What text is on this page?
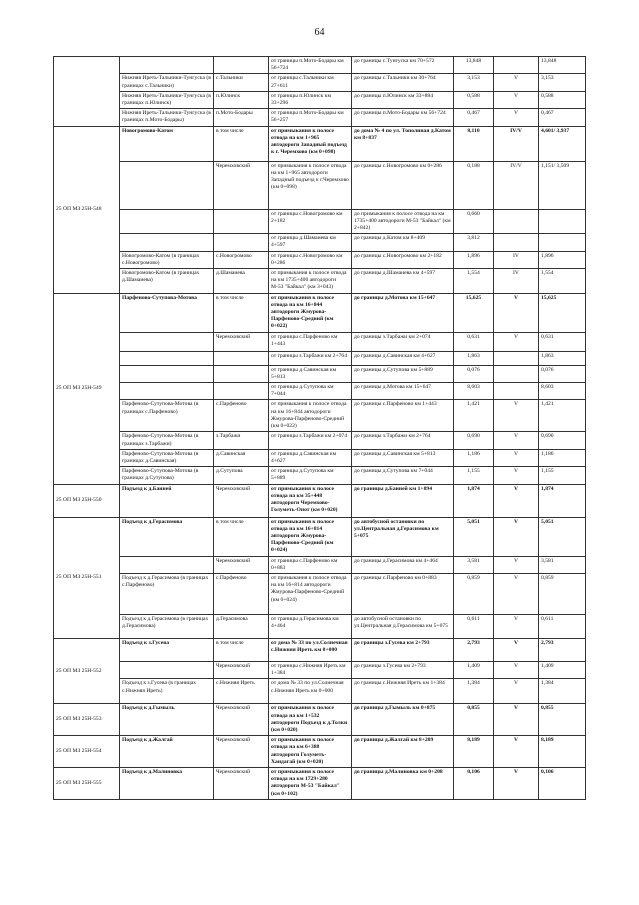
64
			от границы п.Мото-Бодары км 56+724	до границы с.Тунгуска км 70+572	13,848		13,848
	Нижняя Иреть-Тальники-Тунгуска (в границах с.Тальники)	с.Тальники	от границы с.Тальники км 27+611	до границы с.Тальники км 30+764	3,153	V	3,153
	Нижняя Иреть-Тальники-Тунгуска (в границах п.Юлинск)	п.Юлинск	от границы п.Юлинск км 33+296	до границы п.Юлинск км 33+884	0,588	V	0,588
	Нижняя Иреть-Тальники-Тунгуска (в границах п.Мото-Бодары)	п.Мото-Бодары	от границы п.Мото-Бодары км 56+257	до границы п.Мото-Бодары км 56+724	0,467	V	0,467
25 ОП МЗ 25Н-548	Новогромово-Катом	в том числе	от примыкания к полосе отвода на км 1+965 автодороги Западный подъезд к г. Черемхово (км 0+098)	до дома № 4 по ул. Тополиная д.Катом км 8+837	8,110	IV/V	4,601/ 3,937
		Черемховский	от примыкания к полосе отвода на км 1+965 автодороги Западный подъезд к г.Черемхово (км 0+098)	до границы с.Новогромово км 0+286	0,188	IV/V	1,151/ 3,509
			от границы с.Новогромово км 2+182	до примыкания к полосе отвода на км 1735+400 автодороги М-53 "Байкал" (км 2+842)	0,660		
			от границы д.Шамаиева км 4+597	до границы д.Катом км 8+409	3,812		
	Новогромово-Катом (в границах с.Новогромово)	с.Новогромово	от границы с.Новогромово км 0+286	до границы с.Новогромово км 2+182	1,896	IV	1,896
	Новогромово-Катом (в границах д.Шамаиева)	д.Шамаиева	от примыкания к полосе отвода на км 1735+400 автодороги М-53 "Байкал" (км 3+043)	до границы д.Шамаиева км 4+597	1,554	IV	1,554
25 ОП МЗ 25Н-549	Парфеново-Сутупова-Мотова	в том числе	от примыкания к полосе отвода на км 16+844 автодороги Жмурова-Парфеново-Средний (км 0+022)	до границы д.Мотова км 15+647	15,625	V	15,625
		Черемховский	от границы с.Парфеново км 1+443	до границы з.Тарбажи км 2+074	0,631	V	0,631
			от границы з.Тарбажи км 2+764	до границы д.Савинская км 4+627	1,863		1,863
			от границы д.Савинская км 5+813	до границы д.Сутупова км 5+889	0,076		0,076
			от границы д.Сутупова км 7+044	до границы д.Мотова км 15+647	8,603		8,603
	Парфеново-Сутупова-Мотова (в границах с.Парфеново)	с.Парфеново	от примыкания к полосе отвода на км 16+844 автодороги Жмурова-Парфеново-Средний (км 0+022)	до границы с.Парфеново км 1+443	1,421	V	1,421
	Парфеново-Сутупова-Мотова (в границах з.Тарбажи)	з.Тарбажи	от границы з.Тарбажи км 2+074	до границы з.Тарбажи км 2+764	0,690	V	0,690
	Парфеново-Сутупова-Мотова (в границах д.Савинская)	д.Савинская	от границы д.Савинская км 4+627	до границы д.Савинская км 5+813	1,186	V	1,186
	Парфеново-Сутупова-Мотова (в границах д.Сутупова)	д.Сутупова	от границы д.Сутупова км 5+889	до границы д.Сутупова км 7+044	1,155	V	1,155
25 ОП МЗ 25Н-550	Подъезд к д.Баиней	Черемховский	от примыкания к полосе отвода на км 35+448 автодороги Черемхово-Голуметь-Онот (км 0+020)	до границы д.Баиней км 1+894	1,874	V	1,874
25 ОП МЗ 25Н-551	Подъезд к д.Герасимова	в том числе	от примыкания к полосе отвода на км 16+814 автодороги Жмурова-Парфеново-Средний (км 0+024)	до автобусной остановки по ул.Центральная д.Герасимова км 5+075	5,051	V	5,051
		Черемховский	от границы с.Парфеново км 0+883	до границы д.Герасимова км 4+464	3,581	V	3,581
	Подъезд к д.Герасимова (в границах с.Парфеново)	с.Парфеново	от примыкания к полосе отвода на км 16+814 автодороги Жмурова-Парфеново-Средний (км 0+024)	до границы с.Парфеново км 0+883	0,859	V	0,859
	Подъезд к д.Герасимова (в границах д.Герасимова)	д.Герасимова	от границы д.Герасимова км 4+464	до автобусной остановки по ул.Центральная д.Герасимова км 5+075	0,611	V	0,611
25 ОП МЗ 25Н-552	Подъезд к з.Гусева	в том числе	от дома № 33 по ул.Солнечная с.Нижняя Иреть км 0+000	до границы з.Гусева км 2+793	2,793	V	2,793
		Черемховский	от границы с.Нижняя Иреть км 1+384	до границы з.Гусева км 2+793	1,409	V	1,409
	Подъезд к з.Гусева (в границах с.Нижняя Иреть)	с.Нижняя Иреть	от дома № 33 по ул.Солнечная с.Нижняя Иреть км 0+000	до границы с.Нижняя Иреть км 1+384	1,384	V	1,384
25 ОП МЗ 25Н-553	Подъезд к д.Гымыль	Черемховский	от примыкания к полосе отвода на км 1+532 автодороги Подъезд к д.Толки (км 0+020)	до границы д.Гымыль км 0+875	0,855	V	0,855
25 ОП МЗ 25Н-554	Подъезд к д.Жалгай	Черемховский	от примыкания к полосе отвода на км 6+388 автодороги Голуметь-Хандагай (км 0+020)	до границы д.Жалгай км 8+209	8,189	V	8,189
25 ОП МЗ 25Н-555	Подъезд к д.Малиновка	Черемховский	от примыкания к полосе отвода на км 1729+280 автодороги М-53 "Байкал" (км 0+102)	до границы д.Малиновка км 0+208	0,106	V	0,106
